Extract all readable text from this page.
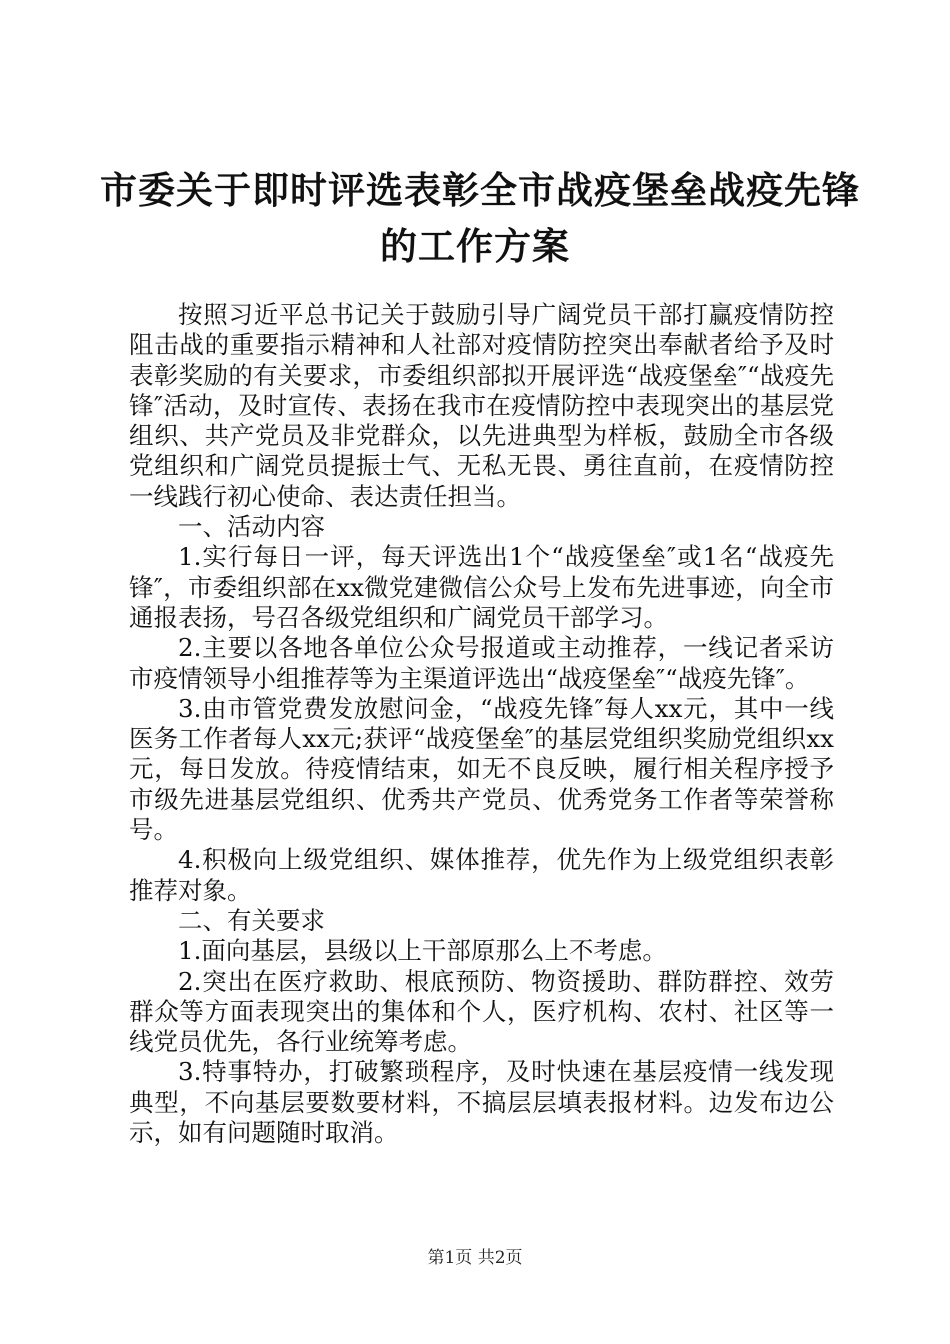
市委关于即时评选表彰全市战疫堡垒战疫先锋
的工作方案

按照习近平总书记关于鼓励引导广阔党员干部打赢疫情防控阻击战的重要指示精神和人社部对疫情防控突出奉献者给予及时表彰奖励的有关要求，市委组织部拟开展评选“战疫堡垒″“战疫先锋″活动，及时宣传、表扬在我市在疫情防控中表现突出的基层党组织、共产党员及非党群众，以先进典型为样板，鼓励全市各级党组织和广阔党员提振士气、无私无畏、勇往直前，在疫情防控一线践行初心使命、表达责任担当。

一、活动内容

1.实行每日一评，每天评选出1个“战疫堡垒″或1名“战疫先锋″，市委组织部在xx微党建微信公众号上发布先进事迹，向全市通报表扬，号召各级党组织和广阔党员干部学习。

2.主要以各地各单位公众号报道或主动推荐，一线记者采访市疫情领导小组推荐等为主渠道评选出“战疫堡垒″“战疫先锋″。

3.由市管党费发放慰问金，“战疫先锋″每人xx元，其中一线医务工作者每人xx元;获评“战疫堡垒″的基层党组织奖励党组织xx元，每日发放。待疫情结束，如无不良反映，履行相关程序授予市级先进基层党组织、优秀共产党员、优秀党务工作者等荣誉称号。

4.积极向上级党组织、媒体推荐，优先作为上级党组织表彰推荐对象。

二、有关要求

1.面向基层，县级以上干部原那么上不考虑。

2.突出在医疗救助、根底预防、物资援助、群防群控、效劳群众等方面表现突出的集体和个人，医疗机构、农村、社区等一线党员优先，各行业统筹考虑。

3.特事特办，打破繁琐程序，及时快速在基层疫情一线发现典型，不向基层要数要材料，不搞层层填表报材料。边发布边公示，如有问题随时取消。

第1页 共2页
